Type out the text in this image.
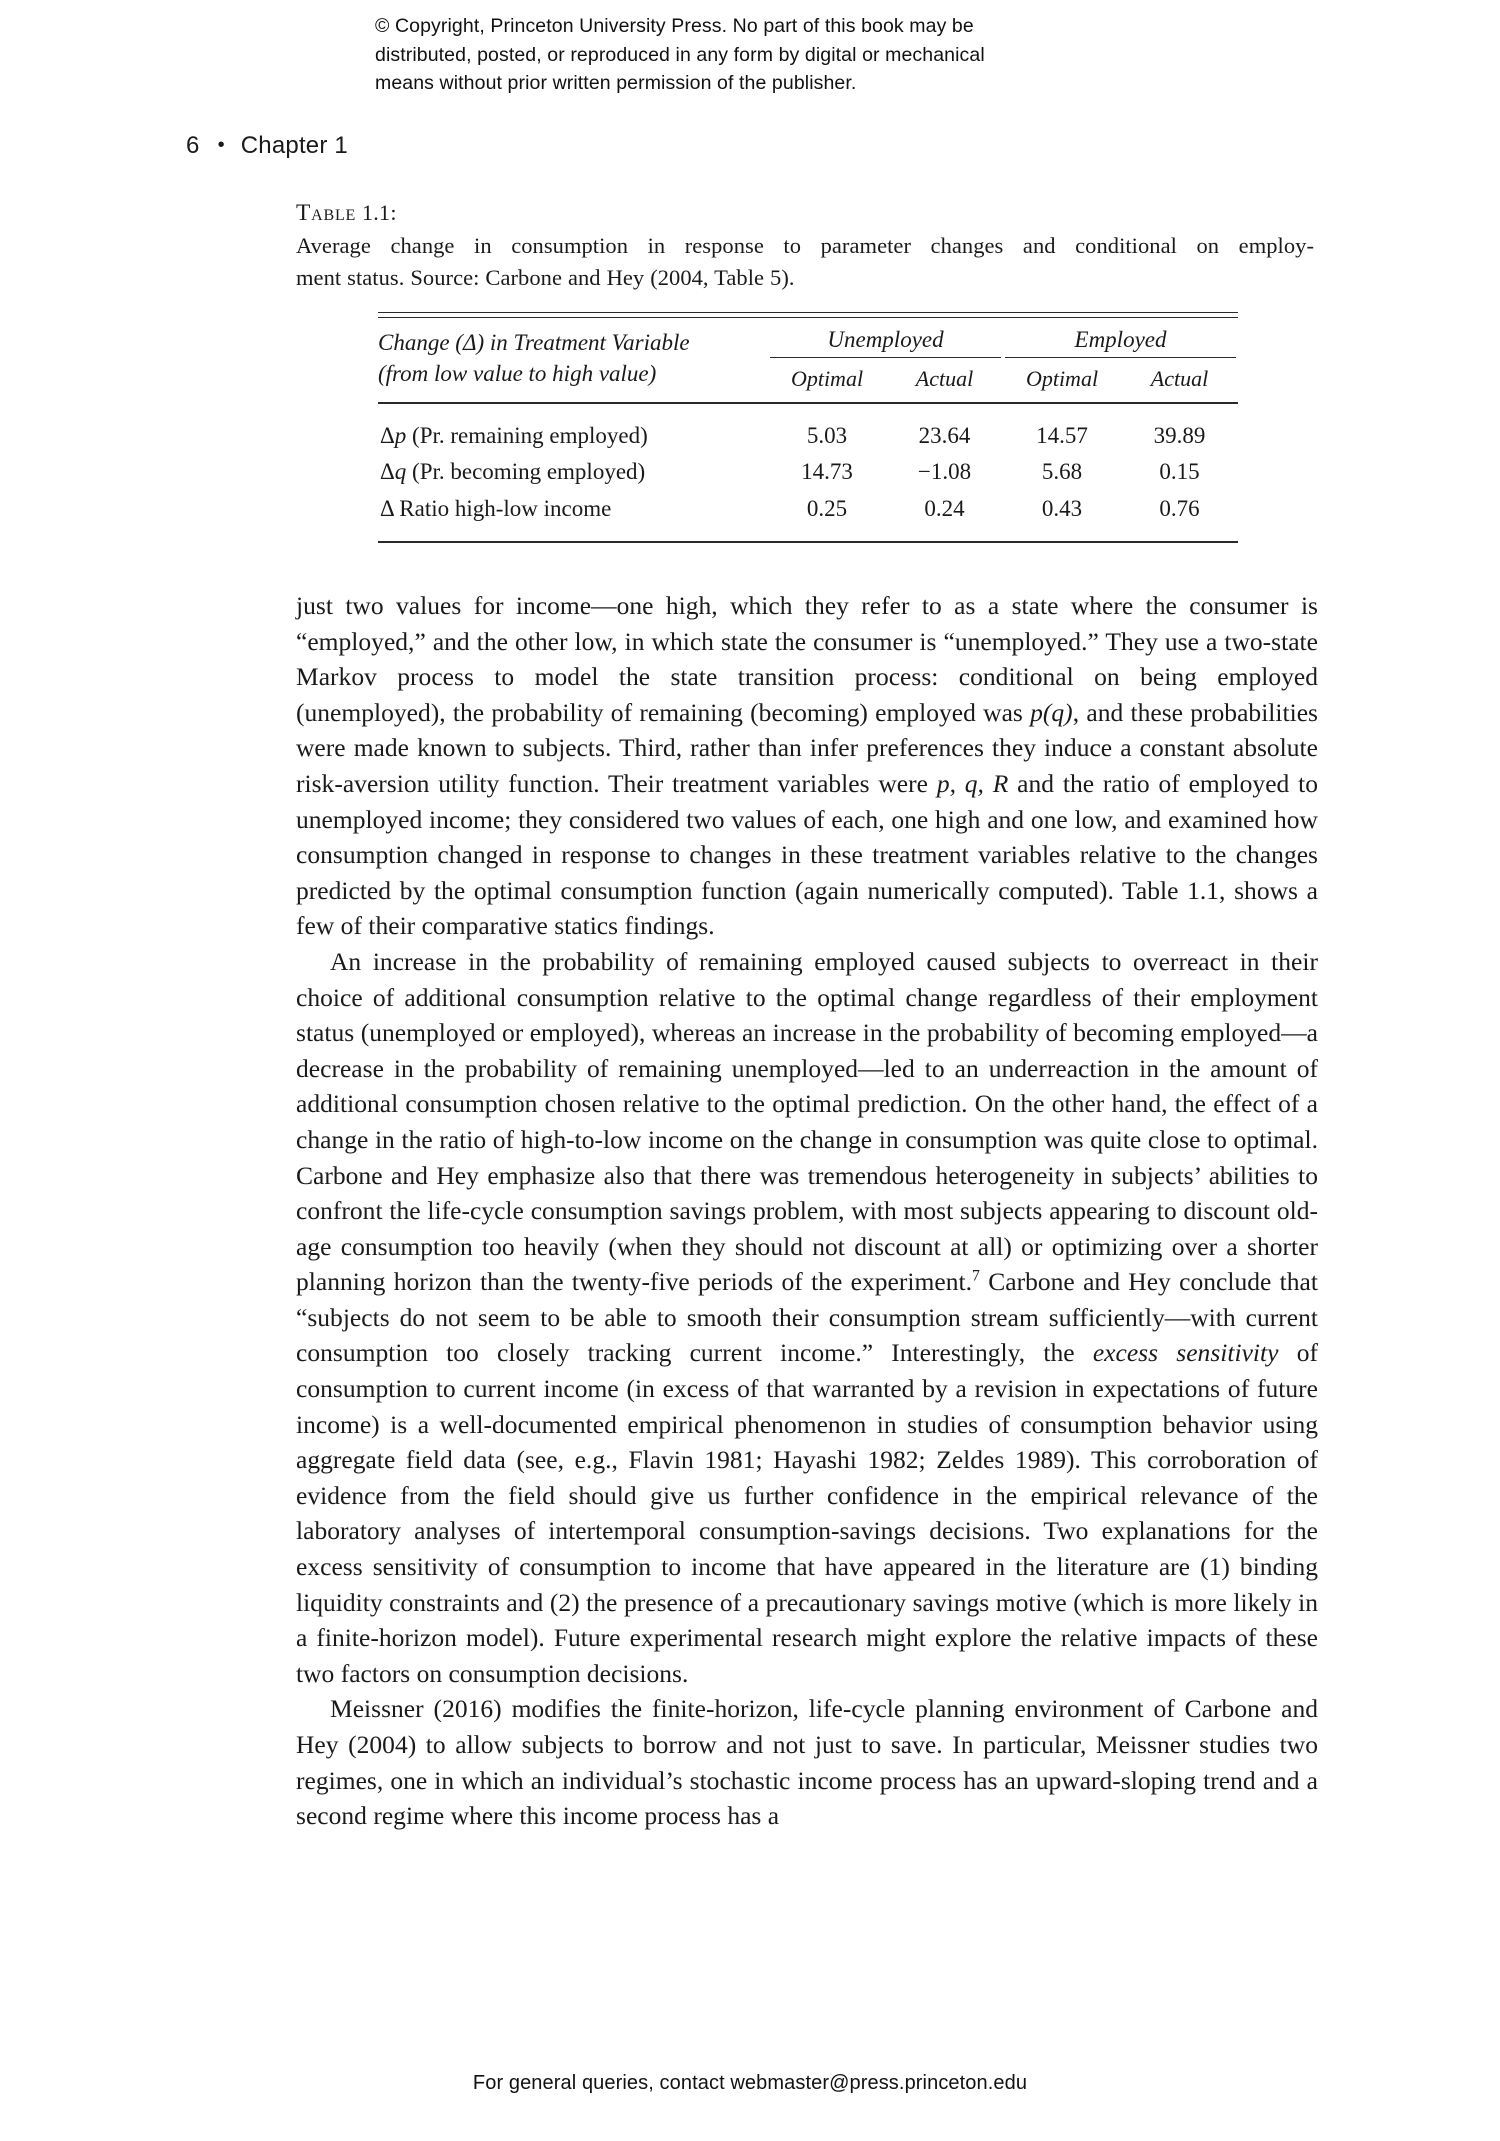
© Copyright, Princeton University Press. No part of this book may be
distributed, posted, or reproduced in any form by digital or mechanical
means without prior written permission of the publisher.
6 • Chapter 1
Table 1.1:
Average change in consumption in response to parameter changes and conditional on employ-
ment status. Source: Carbone and Hey (2004, Table 5).

Change (Δ) in Treatment Variable
(from low value to high value)	Unemployed		Employed	

	Optimal	Actual	Optimal	Actual

Δp (Pr. remaining employed)	5.03	23.64	14.57	39.89
Δq (Pr. becoming employed)	14.73	−1.08	5.68	0.15
Δ Ratio high-low income	0.25	0.24	0.43	0.76

just two values for income—one high, which they refer to as a state where the consumer is “employed,” and the other low, in which state the consumer is “unemployed.” They use a two-state Markov process to model the state transition process: conditional on being employed (unemployed), the probability of remaining (becoming) employed was p(q), and these probabilities were made known to subjects. Third, rather than infer preferences they induce a constant absolute risk-aversion utility function. Their treatment variables were p, q, R and the ratio of employed to unemployed income; they considered two values of each, one high and one low, and examined how consumption changed in response to changes in these treatment variables relative to the changes predicted by the optimal consumption function (again numerically computed). Table 1.1, shows a few of their comparative statics findings.

An increase in the probability of remaining employed caused subjects to overreact in their choice of additional consumption relative to the optimal change regardless of their employment status (unemployed or employed), whereas an increase in the probability of becoming employed—a decrease in the probability of remaining unemployed—led to an underreaction in the amount of additional consumption chosen relative to the optimal prediction. On the other hand, the effect of a change in the ratio of high-to-low income on the change in consumption was quite close to optimal. Carbone and Hey emphasize also that there was tremendous heterogeneity in subjects’ abilities to confront the life-cycle consumption savings problem, with most subjects appearing to discount old-age consumption too heavily (when they should not discount at all) or optimizing over a shorter planning horizon than the twenty-five periods of the experiment.$^7$ Carbone and Hey conclude that “subjects do not seem to be able to smooth their consumption stream sufficiently—with current consumption too closely tracking current income.” Interestingly, the excess sensitivity of consumption to current income (in excess of that warranted by a revision in expectations of future income) is a well-documented empirical phenomenon in studies of consumption behavior using aggregate field data (see, e.g., Flavin 1981; Hayashi 1982; Zeldes 1989). This corroboration of evidence from the field should give us further confidence in the empirical relevance of the laboratory analyses of intertemporal consumption-savings decisions. Two explanations for the excess sensitivity of consumption to income that have appeared in the literature are (1) binding liquidity constraints and (2) the presence of a precautionary savings motive (which is more likely in a finite-horizon model). Future experimental research might explore the relative impacts of these two factors on consumption decisions.

Meissner (2016) modifies the finite-horizon, life-cycle planning environment of Carbone and Hey (2004) to allow subjects to borrow and not just to save. In particular, Meissner studies two regimes, one in which an individual’s stochastic income process has an upward-sloping trend and a second regime where this income process has a

For general queries, contact webmaster@press.princeton.edu
